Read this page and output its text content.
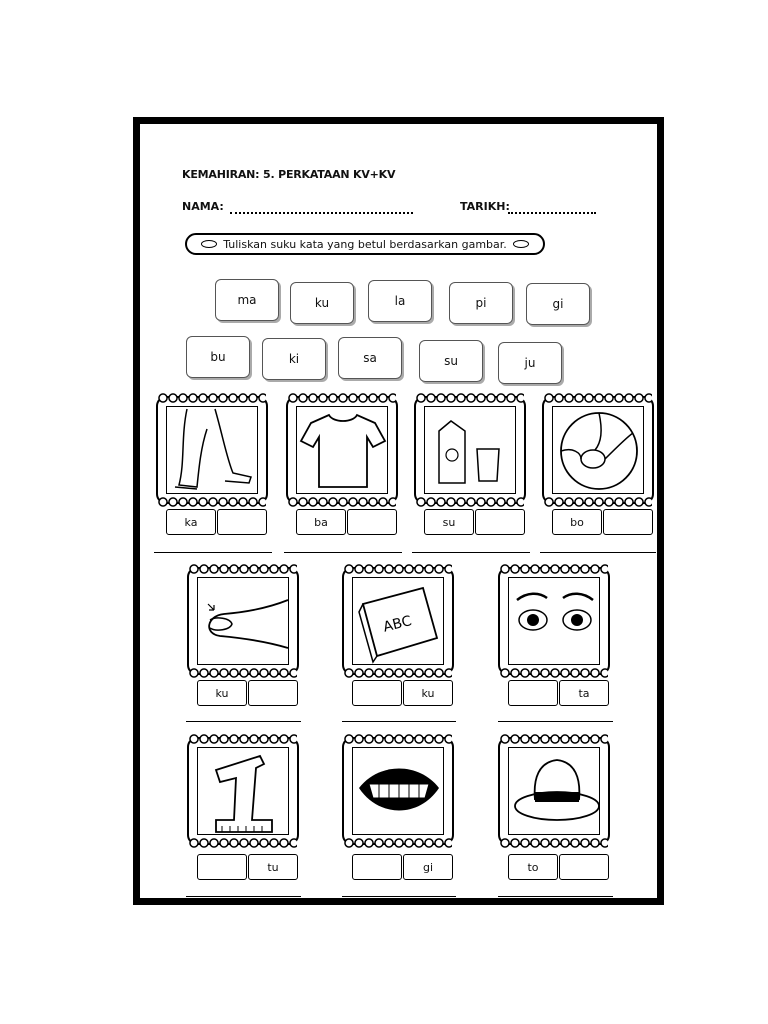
KEMAHIRAN: 5. PERKATAAN KV+KV
NAMA:	TARIKH:
Tuliskan suku kata yang betul berdasarkan gambar.
ma	ku	la	pi	gi
bu	ki	sa	su	ju
ka	ba	su	bo
ku
ABC
ku	ta
tu	gi	to
